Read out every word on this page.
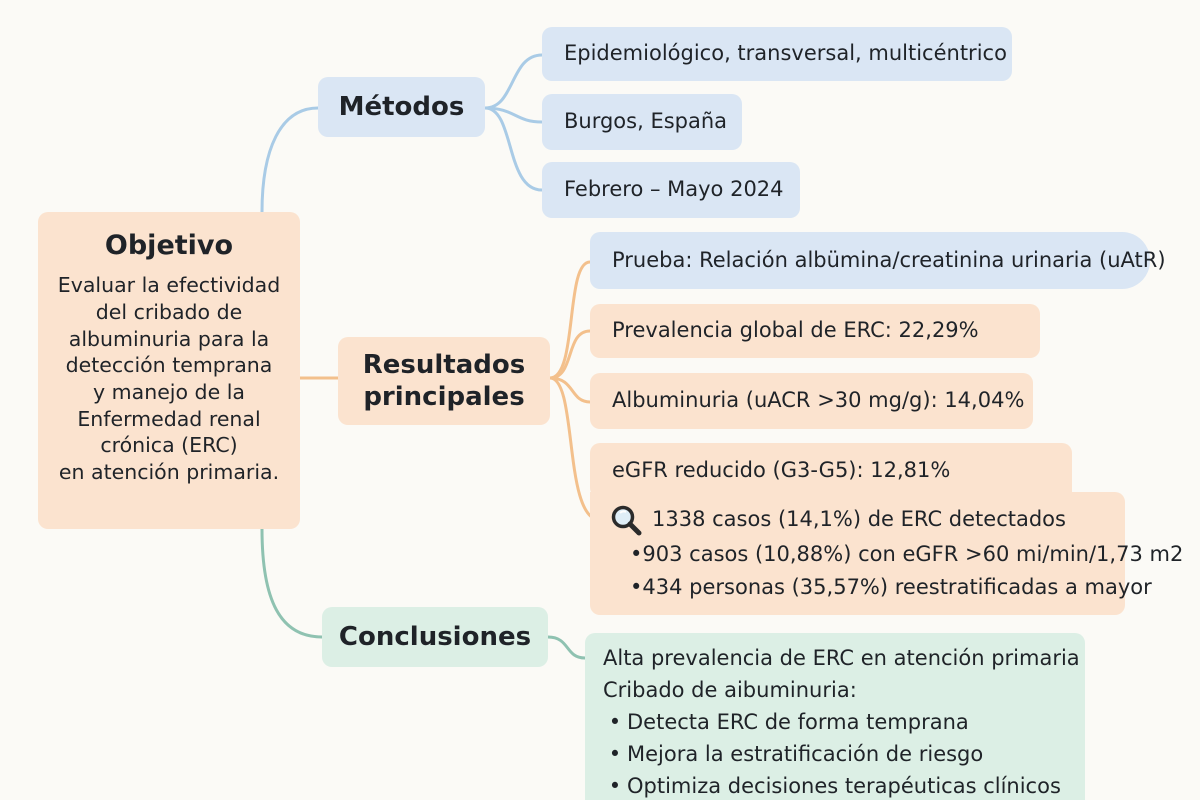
Objetivo
Evaluar la efectividad
del cribado de
albuminuria para la
detección temprana
y manejo de la
Enfermedad renal
crónica (ERC)
en atención primaria.
Métodos
Epidemiológico, transversal, multicéntrico
Burgos, España
Febrero – Mayo 2024
Resultados
principales
Prueba: Relación albümina/creatinina urinaria (uAtR)
Prevalencia global de ERC: 22,29%
Albuminuria (uACR >30 mg/g): 14,04%
eGFR reducido (G3-G5): 12,81%
1338 casos (14,1%) de ERC detectados
• 903 casos (10,88%) con eGFR >60 mi/min/1,73 m2
• 434 personas (35,57%) reestratificadas a mayor
Conclusiones
Alta prevalencia de ERC en atención primaria
Cribado de aibuminuria:
• Detecta ERC de forma temprana
• Mejora la estratificación de riesgo
• Optimiza decisiones terapéuticas clínicos
